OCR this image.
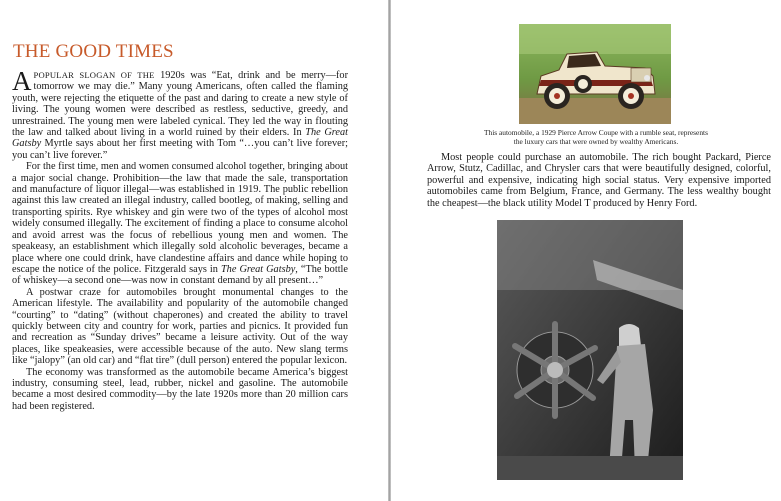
THE GOOD TIMES

APOPULAR SLOGAN OF THE 1920s was “Eat, drink and be merry—for tomorrow we may die.” Many young Americans, often called the flaming youth, were rejecting the etiquette of the past and daring to create a new style of living. The young women were described as restless, seductive, greedy, and unrestrained. The young men were labeled cynical. They led the way in flouting the law and talked about living in a world ruined by their elders. In The Great Gatsby Myrtle says about her first meeting with Tom “…you can’t live forever; you can’t live forever.”

For the first time, men and women consumed alcohol together, bringing about a major social change. Prohibition—the law that made the sale, transportation and manufacture of liquor illegal—was established in 1919. The public rebellion against this law created an illegal industry, called bootleg, of making, selling and transporting spirits. Rye whiskey and gin were two of the types of alcohol most widely consumed illegally. The excitement of finding a place to consume alcohol and avoid arrest was the focus of rebellious young men and women. The speakeasy, an establishment which illegally sold alcoholic beverages, became a place where one could drink, have clandestine affairs and dance while hoping to escape the notice of the police. Fitzgerald says in The Great Gatsby, “The bottle of whiskey—a second one—was now in constant demand by all present…”

A postwar craze for automobiles brought monumental changes to the American lifestyle. The availability and popularity of the automobile changed “courting” to “dating” (without chaperones) and created the ability to travel quickly between city and country for work, parties and picnics. It provided fun and recreation as “Sunday drives” became a leisure activity. Out of the way places, like speakeasies, were accessible because of the auto. New slang terms like “jalopy” (an old car) and “flat tire” (dull person) entered the popular lexicon.

The economy was transformed as the automobile became America’s biggest industry, consuming steel, lead, rubber, nickel and gasoline. The automobile became a most desired commodity—by the late 1920s more than 20 million cars had been registered.

This automobile, a 1929 Pierce Arrow Coupe with a rumble seat, represents the luxury cars that were owned by wealthy Americans.

Most people could purchase an automobile. The rich bought Packard, Pierce Arrow, Stutz, Cadillac, and Chrysler cars that were beautifully designed, colorful, powerful and expensive, indicating high social status. Very expensive imported automobiles came from Belgium, France, and Germany. The less wealthy bought the cheapest—the black utility Model T produced by Henry Ford.
